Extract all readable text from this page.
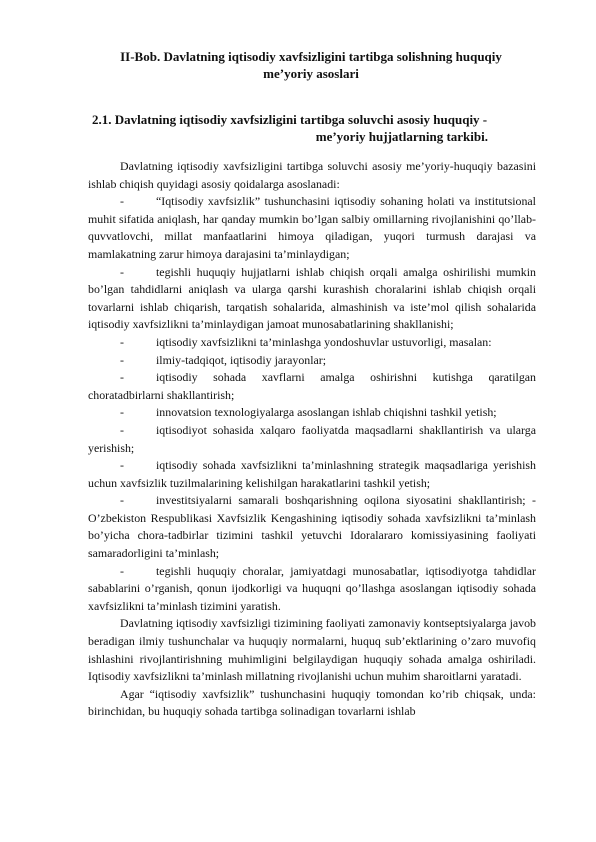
II-Bob. Davlatning iqtisodiy xavfsizligini tartibga solishning huquqiy
me’yoriy asoslari
2.1. Davlatning iqtisodiy xavfsizligini tartibga soluvchi asosiy huquqiy -
me’yoriy hujjatlarning tarkibi.

Davlatning iqtisodiy xavfsizligini tartibga soluvchi asosiy me’yoriy-huquqiy bazasini ishlab chiqish quyidagi asosiy qoidalarga asoslanadi:

-	“Iqtisodiy xavfsizlik” tushunchasini iqtisodiy sohaning holati va institutsional muhit sifatida aniqlash, har qanday mumkin bo’lgan salbiy omillarning rivojlanishini qo’llab-quvvatlovchi, millat manfaatlarini himoya qiladigan, yuqori turmush darajasi va mamlakatning zarur himoya darajasini ta’minlaydigan;

-	tegishli huquqiy hujjatlarni ishlab chiqish orqali amalga oshirilishi mumkin bo’lgan tahdidlarni aniqlash va ularga qarshi kurashish choralarini ishlab chiqish orqali tovarlarni ishlab chiqarish, tarqatish sohalarida, almashinish va iste’mol qilish sohalarida iqtisodiy xavfsizlikni ta’minlaydigan jamoat munosabatlarining shakllanishi;

-	iqtisodiy xavfsizlikni ta’minlashga yondoshuvlar ustuvorligi, masalan:

-	ilmiy-tadqiqot, iqtisodiy jarayonlar;

-	iqtisodiy sohada xavflarni amalga oshirishni kutishga qaratilgan choratadbirlarni shakllantirish;

-	innovatsion texnologiyalarga asoslangan ishlab chiqishni tashkil yetish;

-	iqtisodiyot sohasida xalqaro faoliyatda maqsadlarni shakllantirish va ularga yerishish;

-	iqtisodiy sohada xavfsizlikni ta’minlashning strategik maqsadlariga yerishish uchun xavfsizlik tuzilmalarining kelishilgan harakatlarini tashkil yetish;

-	investitsiyalarni samarali boshqarishning oqilona siyosatini shakllantirish; - O’zbekiston Respublikasi Xavfsizlik Kengashining iqtisodiy sohada xavfsizlikni ta’minlash bo’yicha chora-tadbirlar tizimini tashkil yetuvchi Idoralararo komissiyasining faoliyati samaradorligini ta’minlash;

-	tegishli huquqiy choralar, jamiyatdagi munosabatlar, iqtisodiyotga tahdidlar sabablarini o’rganish, qonun ijodkorligi va huquqni qo’llashga asoslangan iqtisodiy sohada xavfsizlikni ta’minlash tizimini yaratish.

Davlatning iqtisodiy xavfsizligi tizimining faoliyati zamonaviy kontseptsiyalarga javob beradigan ilmiy tushunchalar va huquqiy normalarni, huquq sub’ektlarining o’zaro muvofiq ishlashini rivojlantirishning muhimligini belgilaydigan huquqiy sohada amalga oshiriladi. Iqtisodiy xavfsizlikni ta’minlash millatning rivojlanishi uchun muhim sharoitlarni yaratadi.

Agar “iqtisodiy xavfsizlik” tushunchasini huquqiy tomondan ko’rib chiqsak, unda: birinchidan, bu huquqiy sohada tartibga solinadigan tovarlarni ishlab
